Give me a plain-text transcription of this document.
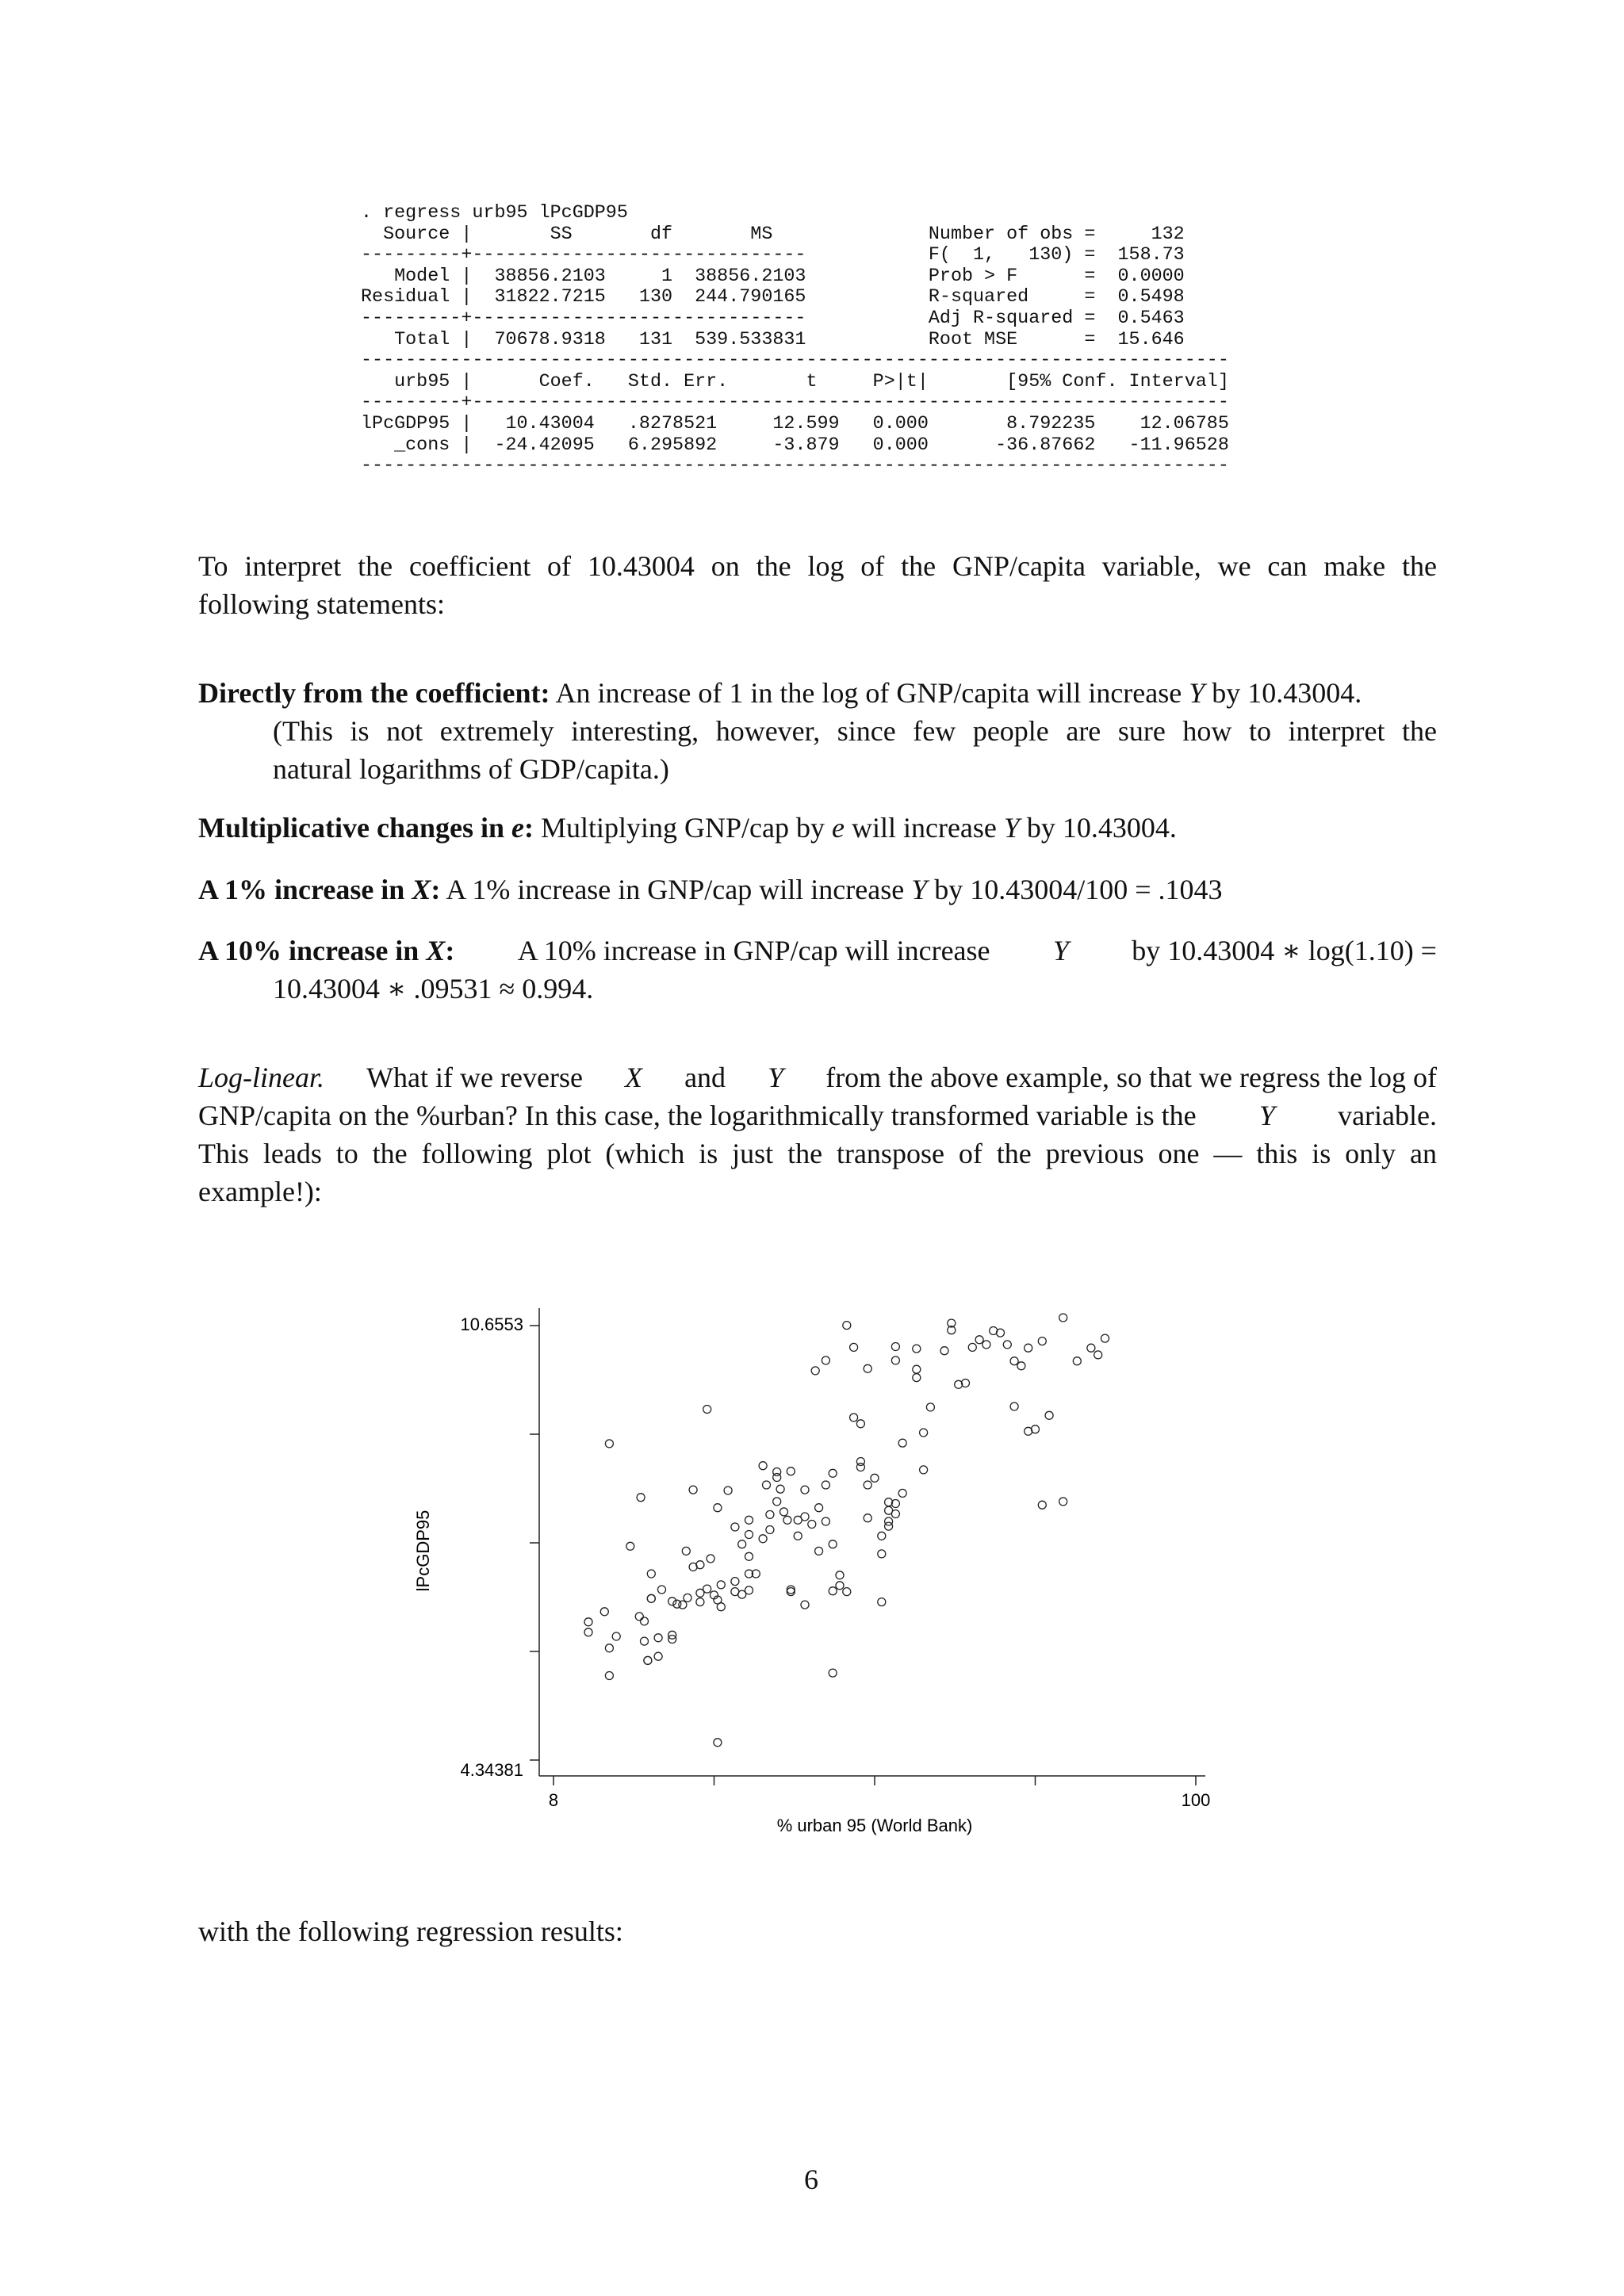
. regress urb95 lPcGDP95
Source |       SS       df       MS              Number of obs =     132
---------+------------------------------           F(  1,   130) =  158.73
Model |  38856.2103     1  38856.2103           Prob > F      =  0.0000
Residual |  31822.7215   130  244.790165           R-squared     =  0.5498
---------+------------------------------           Adj R-squared =  0.5463
Total |  70678.9318   131  539.533831           Root MSE      =  15.646
------------------------------------------------------------------------------
urb95 |      Coef.   Std. Err.       t     P>|t|       [95% Conf. Interval]
---------+--------------------------------------------------------------------
lPcGDP95 |   10.43004   .8278521     12.599   0.000       8.792235    12.06785
_cons |  -24.42095   6.295892     -3.879   0.000      -36.87662   -11.96528
------------------------------------------------------------------------------
To interpret the coefficient of 10.43004 on the log of the GNP/capita variable, we can make the
following statements:
Directly from the coefficient: An increase of 1 in the log of GNP/capita will increase Y by 10.43004.
(This is not extremely interesting, however, since few people are sure how to interpret the
natural logarithms of GDP/capita.)
Multiplicative changes in e: Multiplying GNP/cap by e will increase Y by 10.43004.
A 1% increase in X: A 1% increase in GNP/cap will increase Y by 10.43004/100 = .1043
A 10% increase in X: A 10% increase in GNP/cap will increase Y by 10.43004 ∗ log(1.10) =
10.43004 ∗ .09531 ≈ 0.994.
Log-linear. What if we reverse X and Y from the above example, so that we regress the log of
GNP/capita on the %urban? In this case, the logarithmically transformed variable is the Y variable.
This leads to the following plot (which is just the transpose of the previous one — this is only an
example!):
10.6553
4.34381
8	100
% urban 95 (World Bank)
lPcGDP95
with the following regression results:
6
